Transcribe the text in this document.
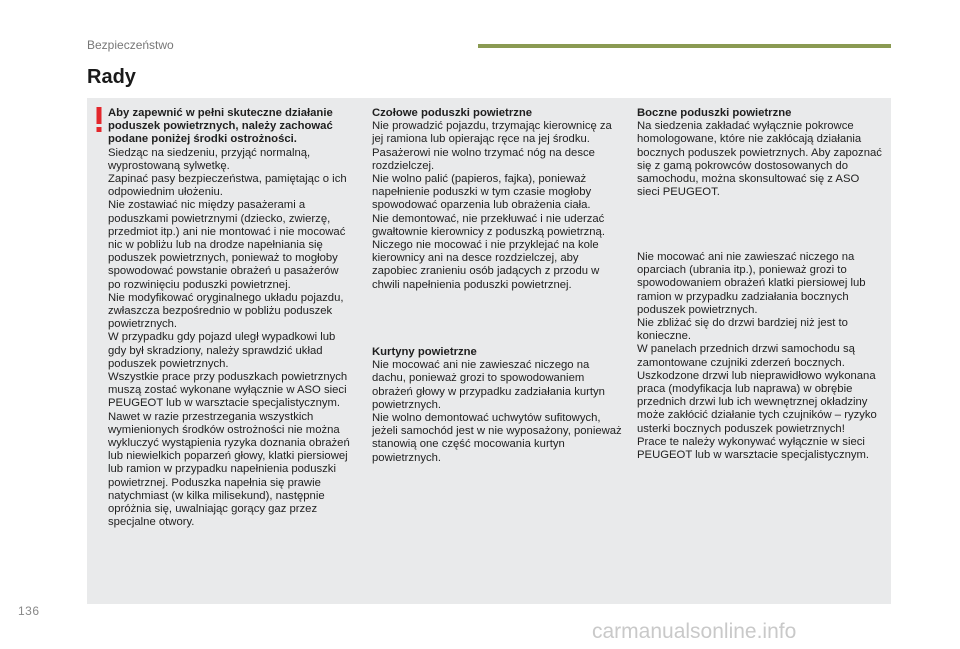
Bezpieczeństwo
Rady

Aby zapewnić w pełni skuteczne działanie poduszek powietrznych, należy zachować podane poniżej środki ostrożności.

Siedząc na siedzeniu, przyjąć normalną, wyprostowaną sylwetkę.

Zapinać pasy bezpieczeństwa, pamiętając o ich odpowiednim ułożeniu.

Nie zostawiać nic między pasażerami a poduszkami powietrznymi (dziecko, zwierzę, przedmiot itp.) ani nie montować i nie mocować nic w pobliżu lub na drodze napełniania się poduszek powietrznych, ponieważ to mogłoby spowodować powstanie obrażeń u pasażerów po rozwinięciu poduszki powietrznej.

Nie modyfikować oryginalnego układu pojazdu, zwłaszcza bezpośrednio w pobliżu poduszek powietrznych.

W przypadku gdy pojazd uległ wypadkowi lub gdy był skradziony, należy sprawdzić układ poduszek powietrznych.

Wszystkie prace przy poduszkach powietrznych muszą zostać wykonane wyłącznie w ASO sieci PEUGEOT lub w warsztacie specjalistycznym.

Nawet w razie przestrzegania wszystkich wymienionych środków ostrożności nie można wykluczyć wystąpienia ryzyka doznania obrażeń lub niewielkich poparzeń głowy, klatki piersiowej lub ramion w przypadku napełnienia poduszki powietrznej. Poduszka napełnia się prawie natychmiast (w kilka milisekund), następnie opróżnia się, uwalniając gorący gaz przez specjalne otwory.

Czołowe poduszki powietrzne

Nie prowadzić pojazdu, trzymając kierownicę za jej ramiona lub opierając ręce na jej środku.

Pasażerowi nie wolno trzymać nóg na desce rozdzielczej.

Nie wolno palić (papieros, fajka), ponieważ napełnienie poduszki w tym czasie mogłoby spowodować oparzenia lub obrażenia ciała.

Nie demontować, nie przekłuwać i nie uderzać gwałtownie kierownicy z poduszką powietrzną.

Niczego nie mocować i nie przyklejać na kole kierownicy ani na desce rozdzielczej, aby zapobiec zranieniu osób jadących z przodu w chwili napełnienia poduszki powietrznej.

Kurtyny powietrzne

Nie mocować ani nie zawieszać niczego na dachu, ponieważ grozi to spowodowaniem obrażeń głowy w przypadku zadziałania kurtyn powietrznych.

Nie wolno demontować uchwytów sufitowych, jeżeli samochód jest w nie wyposażony, ponieważ stanowią one część mocowania kurtyn powietrznych.

Boczne poduszki powietrzne

Na siedzenia zakładać wyłącznie pokrowce homologowane, które nie zakłócają działania bocznych poduszek powietrznych. Aby zapoznać się z gamą pokrowców dostosowanych do samochodu, można skonsultować się z ASO sieci PEUGEOT.

Nie mocować ani nie zawieszać niczego na oparciach (ubrania itp.), ponieważ grozi to spowodowaniem obrażeń klatki piersiowej lub ramion w przypadku zadziałania bocznych poduszek powietrznych.

Nie zbliżać się do drzwi bardziej niż jest to konieczne.

W panelach przednich drzwi samochodu są zamontowane czujniki zderzeń bocznych.

Uszkodzone drzwi lub nieprawidłowo wykonana praca (modyfikacja lub naprawa) w obrębie przednich drzwi lub ich wewnętrznej okładziny może zakłócić działanie tych czujników – ryzyko usterki bocznych poduszek powietrznych!

Prace te należy wykonywać wyłącznie w sieci PEUGEOT lub w warsztacie specjalistycznym.

136
carmanualsonline.info
